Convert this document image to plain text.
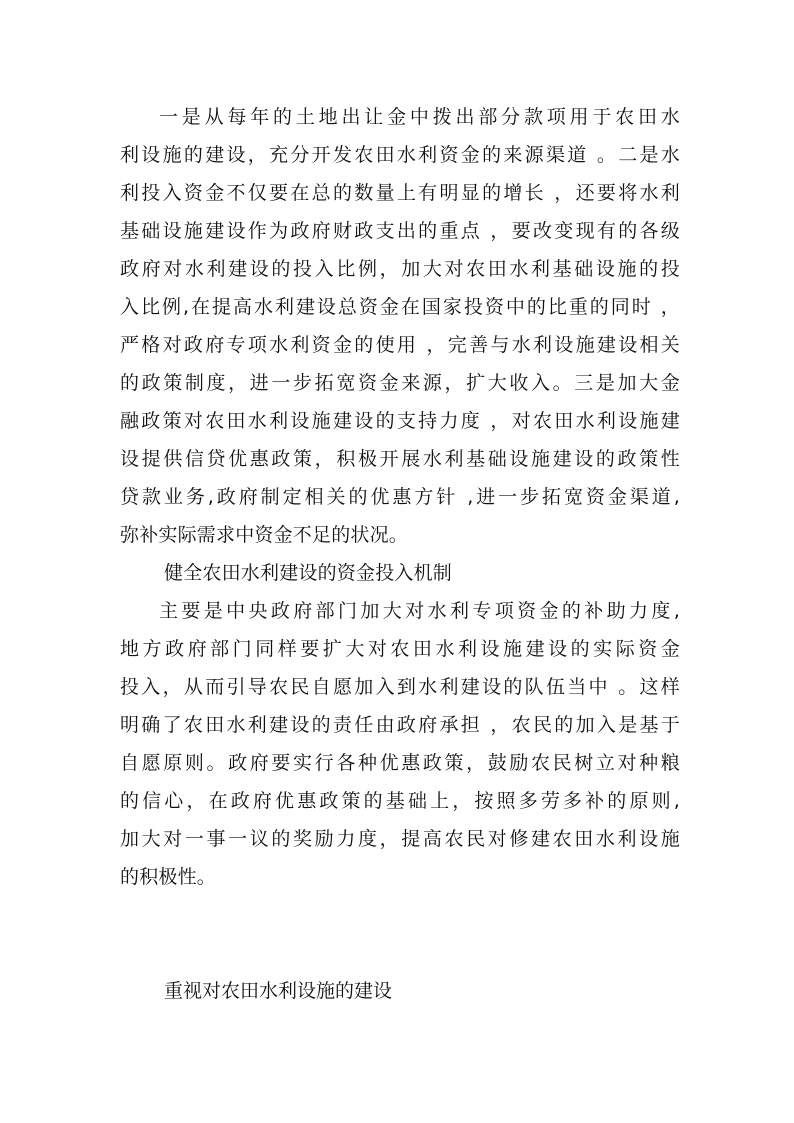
一是从每年的土地出让金中拨出部分款项用于农田水
利设施的建设，充分开发农田水利资金的来源渠道 。二是水
利投入资金不仅要在总的数量上有明显的增长 ，还要将水利
基础设施建设作为政府财政支出的重点 ，要改变现有的各级
政府对水利建设的投入比例，加大对农田水利基础设施的投
入比例,在提高水利建设总资金在国家投资中的比重的同时 ，
严格对政府专项水利资金的使用 ，完善与水利设施建设相关
的政策制度，进一步拓宽资金来源，扩大收入。三是加大金
融政策对农田水利设施建设的支持力度 ，对农田水利设施建
设提供信贷优惠政策，积极开展水利基础设施建设的政策性
贷款业务,政府制定相关的优惠方针 ,进一步拓宽资金渠道,
弥补实际需求中资金不足的状况。
健全农田水利建设的资金投入机制
主要是中央政府部门加大对水利专项资金的补助力度,
地方政府部门同样要扩大对农田水利设施建设的实际资金
投入，从而引导农民自愿加入到水利建设的队伍当中 。这样
明确了农田水利建设的责任由政府承担 ，农民的加入是基于
自愿原则。政府要实行各种优惠政策，鼓励农民树立对种粮
的信心，在政府优惠政策的基础上，按照多劳多补的原则,
加大对一事一议的奖励力度，提高农民对修建农田水利设施
的积极性。
重视对农田水利设施的建设
